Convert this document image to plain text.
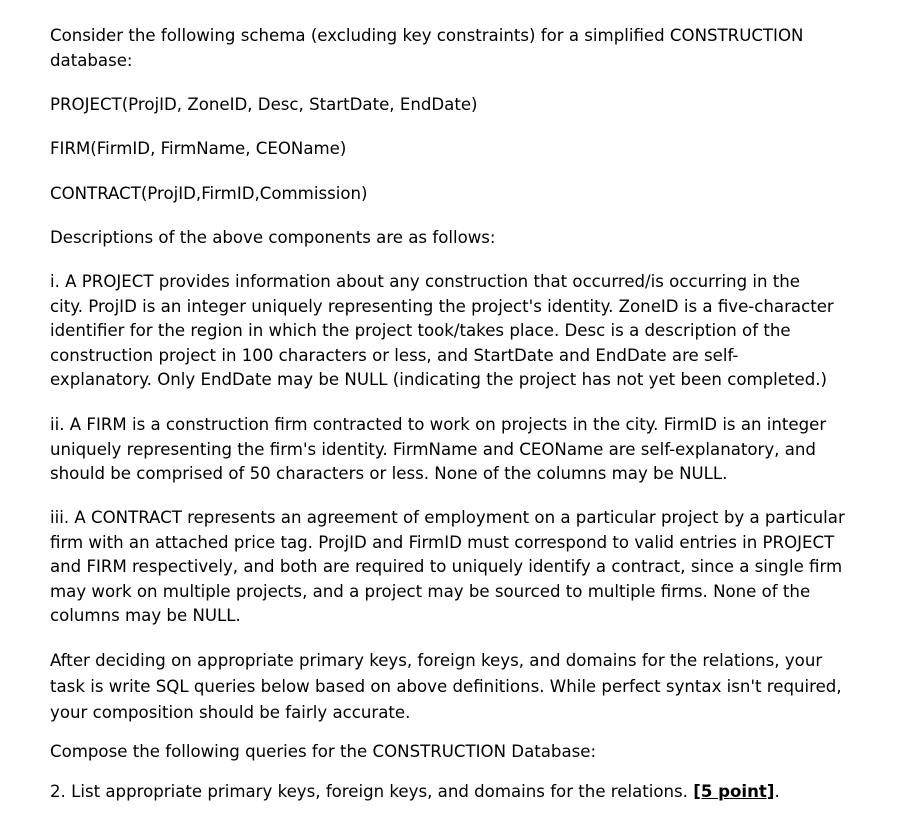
Consider the following schema (excluding key constraints) for a simplified CONSTRUCTION
database:

PROJECT(ProjID, ZoneID, Desc, StartDate, EndDate)

FIRM(FirmID, FirmName, CEOName)

CONTRACT(ProjID,FirmID,Commission)

Descriptions of the above components are as follows:

i. A PROJECT provides information about any construction that occurred/is occurring in the
city. ProjID is an integer uniquely representing the project's identity. ZoneID is a five-character
identifier for the region in which the project took/takes place. Desc is a description of the
construction project in 100 characters or less, and StartDate and EndDate are self-
explanatory. Only EndDate may be NULL (indicating the project has not yet been completed.)

ii. A FIRM is a construction firm contracted to work on projects in the city. FirmID is an integer
uniquely representing the firm's identity. FirmName and CEOName are self-explanatory, and
should be comprised of 50 characters or less. None of the columns may be NULL.

iii. A CONTRACT represents an agreement of employment on a particular project by a particular
firm with an attached price tag. ProjID and FirmID must correspond to valid entries in PROJECT
and FIRM respectively, and both are required to uniquely identify a contract, since a single firm
may work on multiple projects, and a project may be sourced to multiple firms. None of the
columns may be NULL.

After deciding on appropriate primary keys, foreign keys, and domains for the relations, your
task is write SQL queries below based on above definitions. While perfect syntax isn't required,
your composition should be fairly accurate.

Compose the following queries for the CONSTRUCTION Database:

2. List appropriate primary keys, foreign keys, and domains for the relations. [5 point].
